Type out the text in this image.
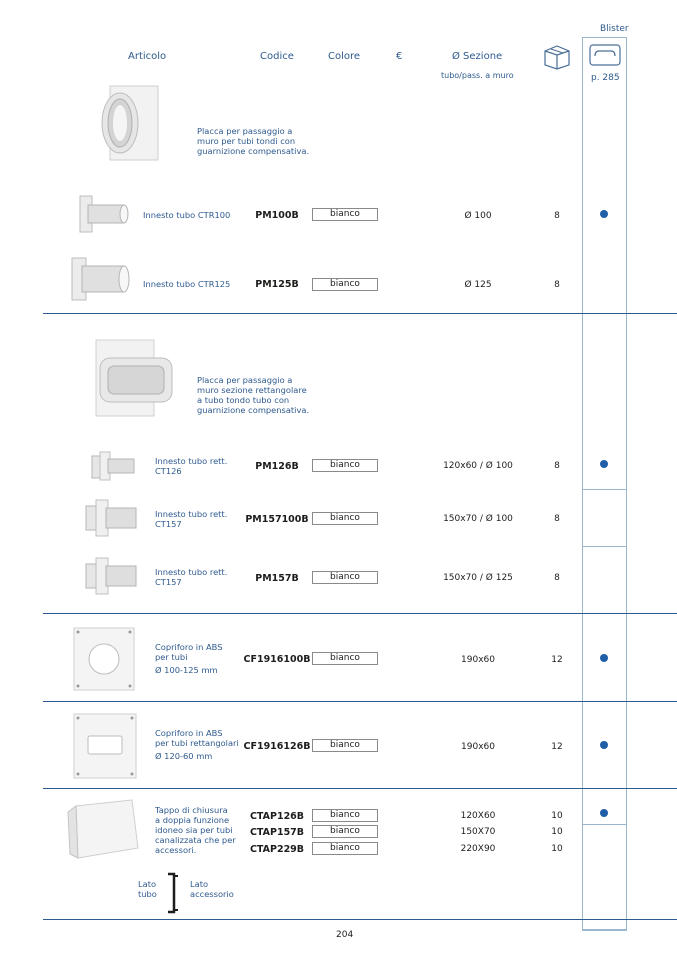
Blister
Articolo	Codice	Colore	€	Ø Sezione
tubo/pass. a muro	p. 285
Placca per passaggio a
muro per tubi tondi con
guarnizione compensativa.
Innesto tubo CTR100	PM100B	bianco	Ø 100	8
Innesto tubo CTR125	PM125B	bianco	Ø 125	8
Placca per passaggio a
muro sezione rettangolare
a tubo tondo tubo con
guarnizione compensativa.
Innesto tubo rett.
CT126	PM126B	bianco	120x60 / Ø 100	8
Innesto tubo rett.
CT157	PM157100B	bianco	150x70 / Ø 100	8
Innesto tubo rett.
CT157	PM157B	bianco	150x70 / Ø 125	8
Copriforo in ABS
per tubi
Ø 100-125 mm
CF1916100B	bianco	190x60	12
Copriforo in ABS
per tubi rettangolari
Ø 120-60 mm
CF1916126B	bianco	190x60	12
Tappo di chiusura
a doppia funzione
idoneo sia per tubi
canalizzata che per
accessori.
CTAP126B	bianco	120X60	10
CTAP157B	bianco	150X70	10
CTAP229B	bianco	220X90	10
Lato
tubo
Lato
accessorio
204
